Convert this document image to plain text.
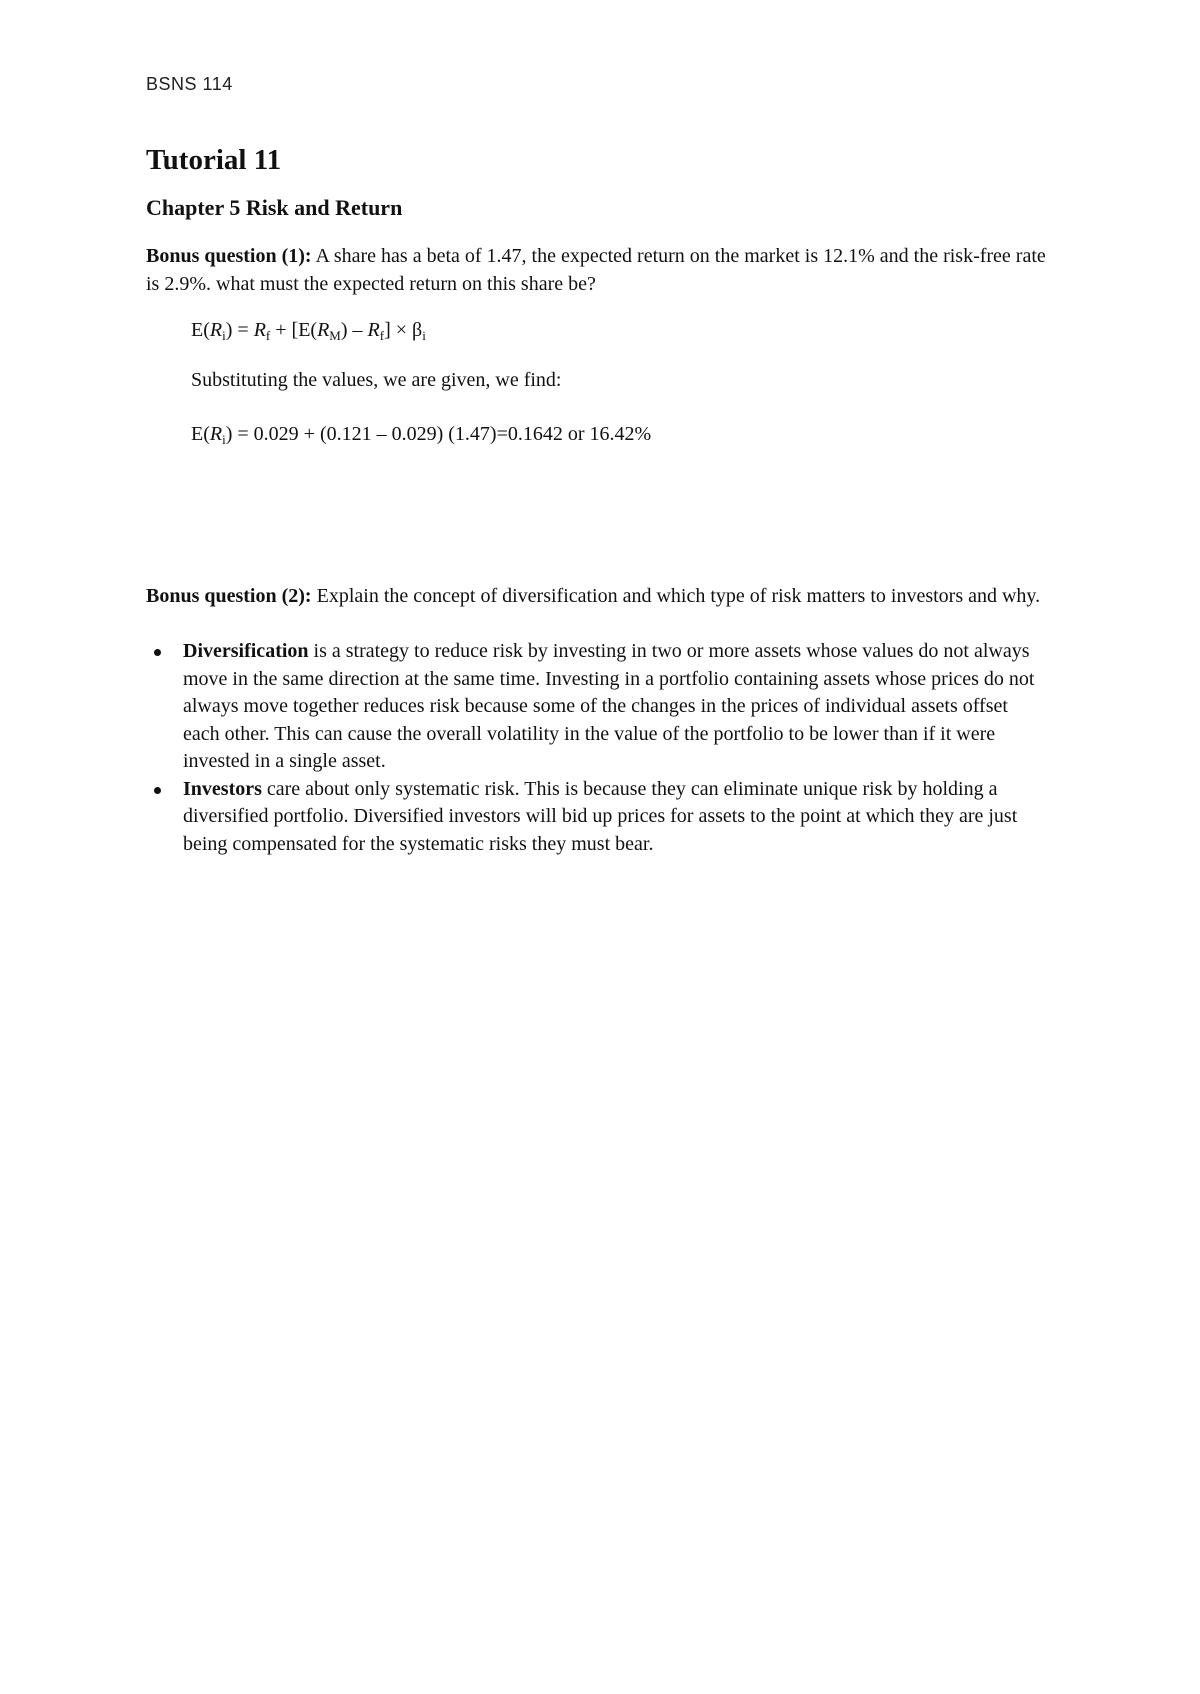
BSNS 114
Tutorial 11
Chapter 5 Risk and Return

Bonus question (1): A share has a beta of 1.47, the expected return on the market is 12.1% and the risk-free rate is 2.9%. what must the expected return on this share be?

$E(R_i) = R_f + [E(R_M) - R_f] \times \beta_i$

Substituting the values, we are given, we find:

$E(R_i) = 0.029 + (0.121 - 0.029)$ (1.47)=0.1642 or 16.42%

Bonus question (2): Explain the concept of diversification and which type of risk matters to investors and why.

Diversification is a strategy to reduce risk by investing in two or more assets whose values do not always move in the same direction at the same time. Investing in a portfolio containing assets whose prices do not always move together reduces risk because some of the changes in the prices of individual assets offset each other. This can cause the overall volatility in the value of the portfolio to be lower than if it were invested in a single asset.
Investors care about only systematic risk. This is because they can eliminate unique risk by holding a diversified portfolio. Diversified investors will bid up prices for assets to the point at which they are just being compensated for the systematic risks they must bear.
